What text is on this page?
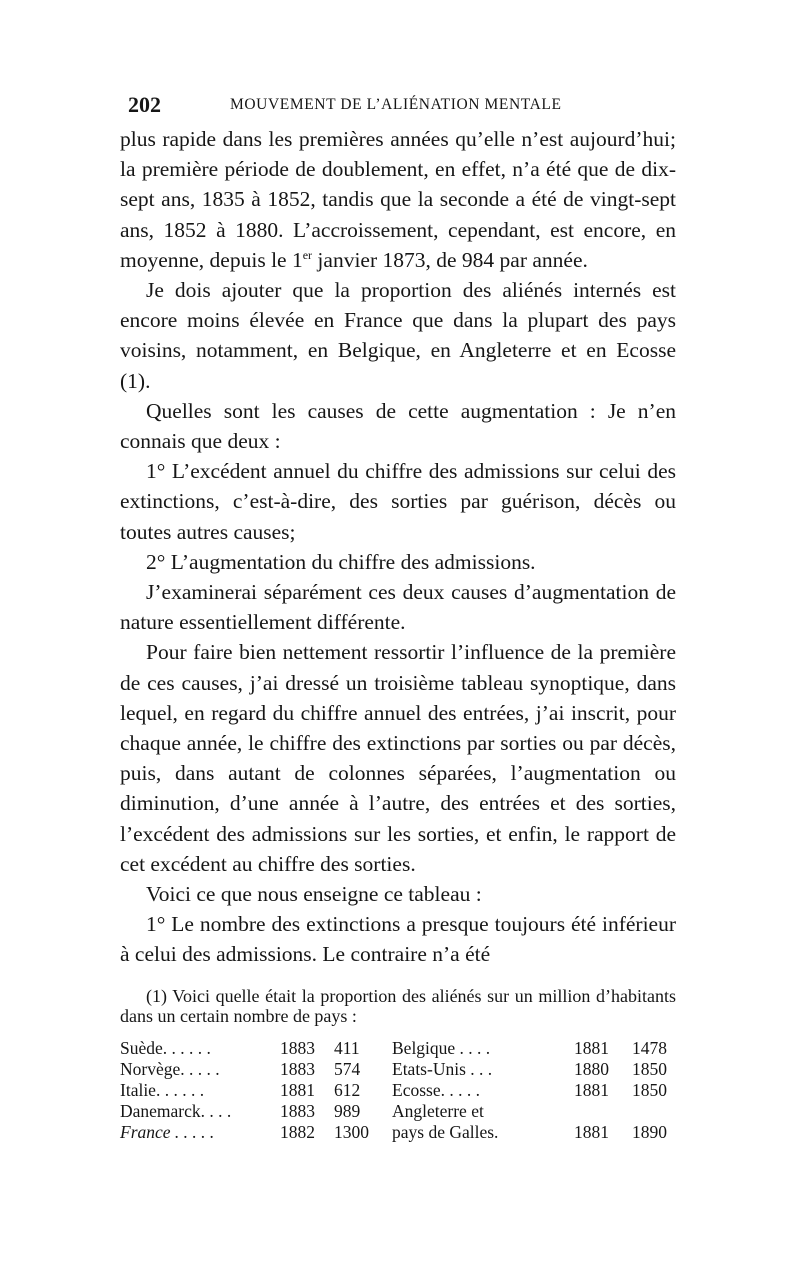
202	MOUVEMENT DE L’ALIÉNATION MENTALE

plus rapide dans les premières années qu’elle n’est aujourd’hui; la première période de doublement, en effet, n’a été que de dix-sept ans, 1835 à 1852, tandis que la seconde a été de vingt-sept ans, 1852 à 1880. L’accroissement, cependant, est encore, en moyenne, depuis le 1er janvier 1873, de 984 par année.

Je dois ajouter que la proportion des aliénés internés est encore moins élevée en France que dans la plupart des pays voisins, notamment, en Belgique, en Angleterre et en Ecosse (1).

Quelles sont les causes de cette augmentation : Je n’en connais que deux :

1° L’excédent annuel du chiffre des admissions sur celui des extinctions, c’est-à-dire, des sorties par guérison, décès ou toutes autres causes;

2° L’augmentation du chiffre des admissions.

J’examinerai séparément ces deux causes d’augmentation de nature essentiellement différente.

Pour faire bien nettement ressortir l’influence de la première de ces causes, j’ai dressé un troisième tableau synoptique, dans lequel, en regard du chiffre annuel des entrées, j’ai inscrit, pour chaque année, le chiffre des extinctions par sorties ou par décès, puis, dans autant de colonnes séparées, l’augmentation ou diminution, d’une année à l’autre, des entrées et des sorties, l’excédent des admissions sur les sorties, et enfin, le rapport de cet excédent au chiffre des sorties.

Voici ce que nous enseigne ce tableau :

1° Le nombre des extinctions a presque toujours été inférieur à celui des admissions. Le contraire n’a été

(1) Voici quelle était la proportion des aliénés sur un million d’habitants dans un certain nombre de pays :

Suède. . . . . .	1883 411 Belgique . . . .	1881 1478
Norvège. . . . .	1883 574 Etats-Unis . . .	1880 1850
Italie. . . . . .	1881 612 Ecosse. . . . .	1881 1850
Danemarck. . . .	1883 989 Angleterre et
France . . . . .	1882 1300 pays de Galles.	1881 1890
